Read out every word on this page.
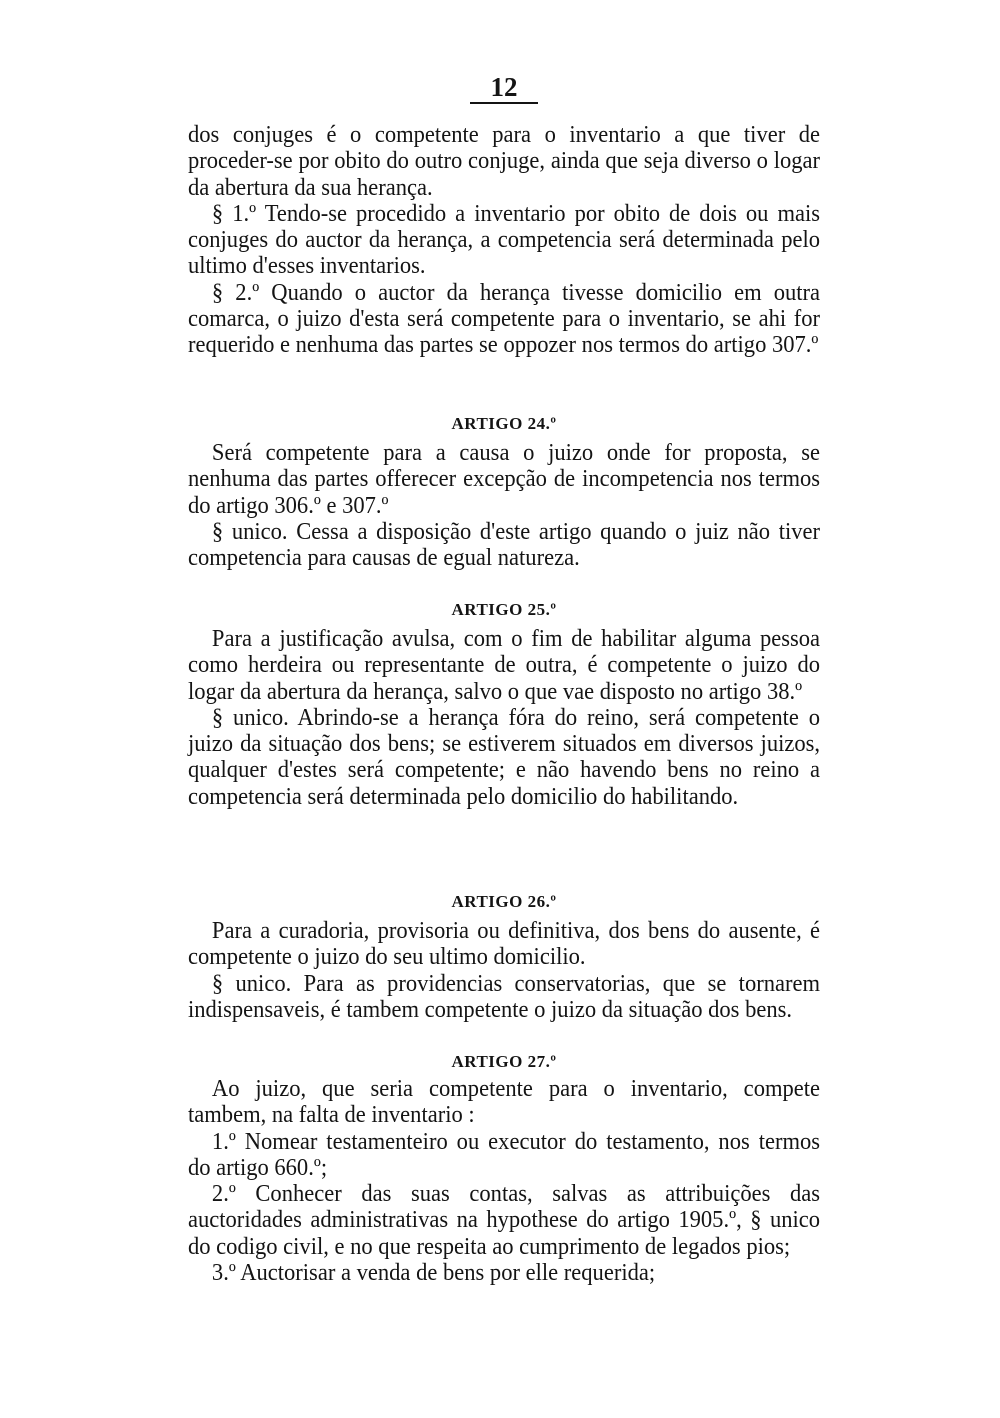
12

dos conjuges é o competente para o inventario a que tiver de proceder-se por obito do outro conjuge, ainda que seja diverso o logar da abertura da sua herança.

§ 1.º Tendo-se procedido a inventario por obito de dois ou mais conjuges do auctor da herança, a competencia será determinada pelo ultimo d'esses inventarios.

§ 2.º Quando o auctor da herança tivesse domicilio em outra comarca, o juizo d'esta será competente para o inventario, se ahi for requerido e nenhuma das partes se oppozer nos termos do artigo 307.º

ARTIGO 24.º

Será competente para a causa o juizo onde for proposta, se nenhuma das partes offerecer excepção de incompetencia nos termos do artigo 306.º e 307.º

§ unico. Cessa a disposição d'este artigo quando o juiz não tiver competencia para causas de egual natureza.

ARTIGO 25.º

Para a justificação avulsa, com o fim de habilitar alguma pessoa como herdeira ou representante de outra, é competente o juizo do logar da abertura da herança, salvo o que vae disposto no artigo 38.º

§ unico. Abrindo-se a herança fóra do reino, será competente o juizo da situação dos bens; se estiverem situados em diversos juizos, qualquer d'estes será competente; e não havendo bens no reino a competencia será determinada pelo domicilio do habilitando.

ARTIGO 26.º

Para a curadoria, provisoria ou definitiva, dos bens do ausente, é competente o juizo do seu ultimo domicilio.

§ unico. Para as providencias conservatorias, que se tornarem indispensaveis, é tambem competente o juizo da situação dos bens.

ARTIGO 27.º

Ao juizo, que seria competente para o inventario, compete tambem, na falta de inventario :

1.º Nomear testamenteiro ou executor do testamento, nos termos do artigo 660.º;

2.º Conhecer das suas contas, salvas as attribuições das auctoridades administrativas na hypothese do artigo 1905.º, § unico do codigo civil, e no que respeita ao cumprimento de legados pios;

3.º Auctorisar a venda de bens por elle requerida;
